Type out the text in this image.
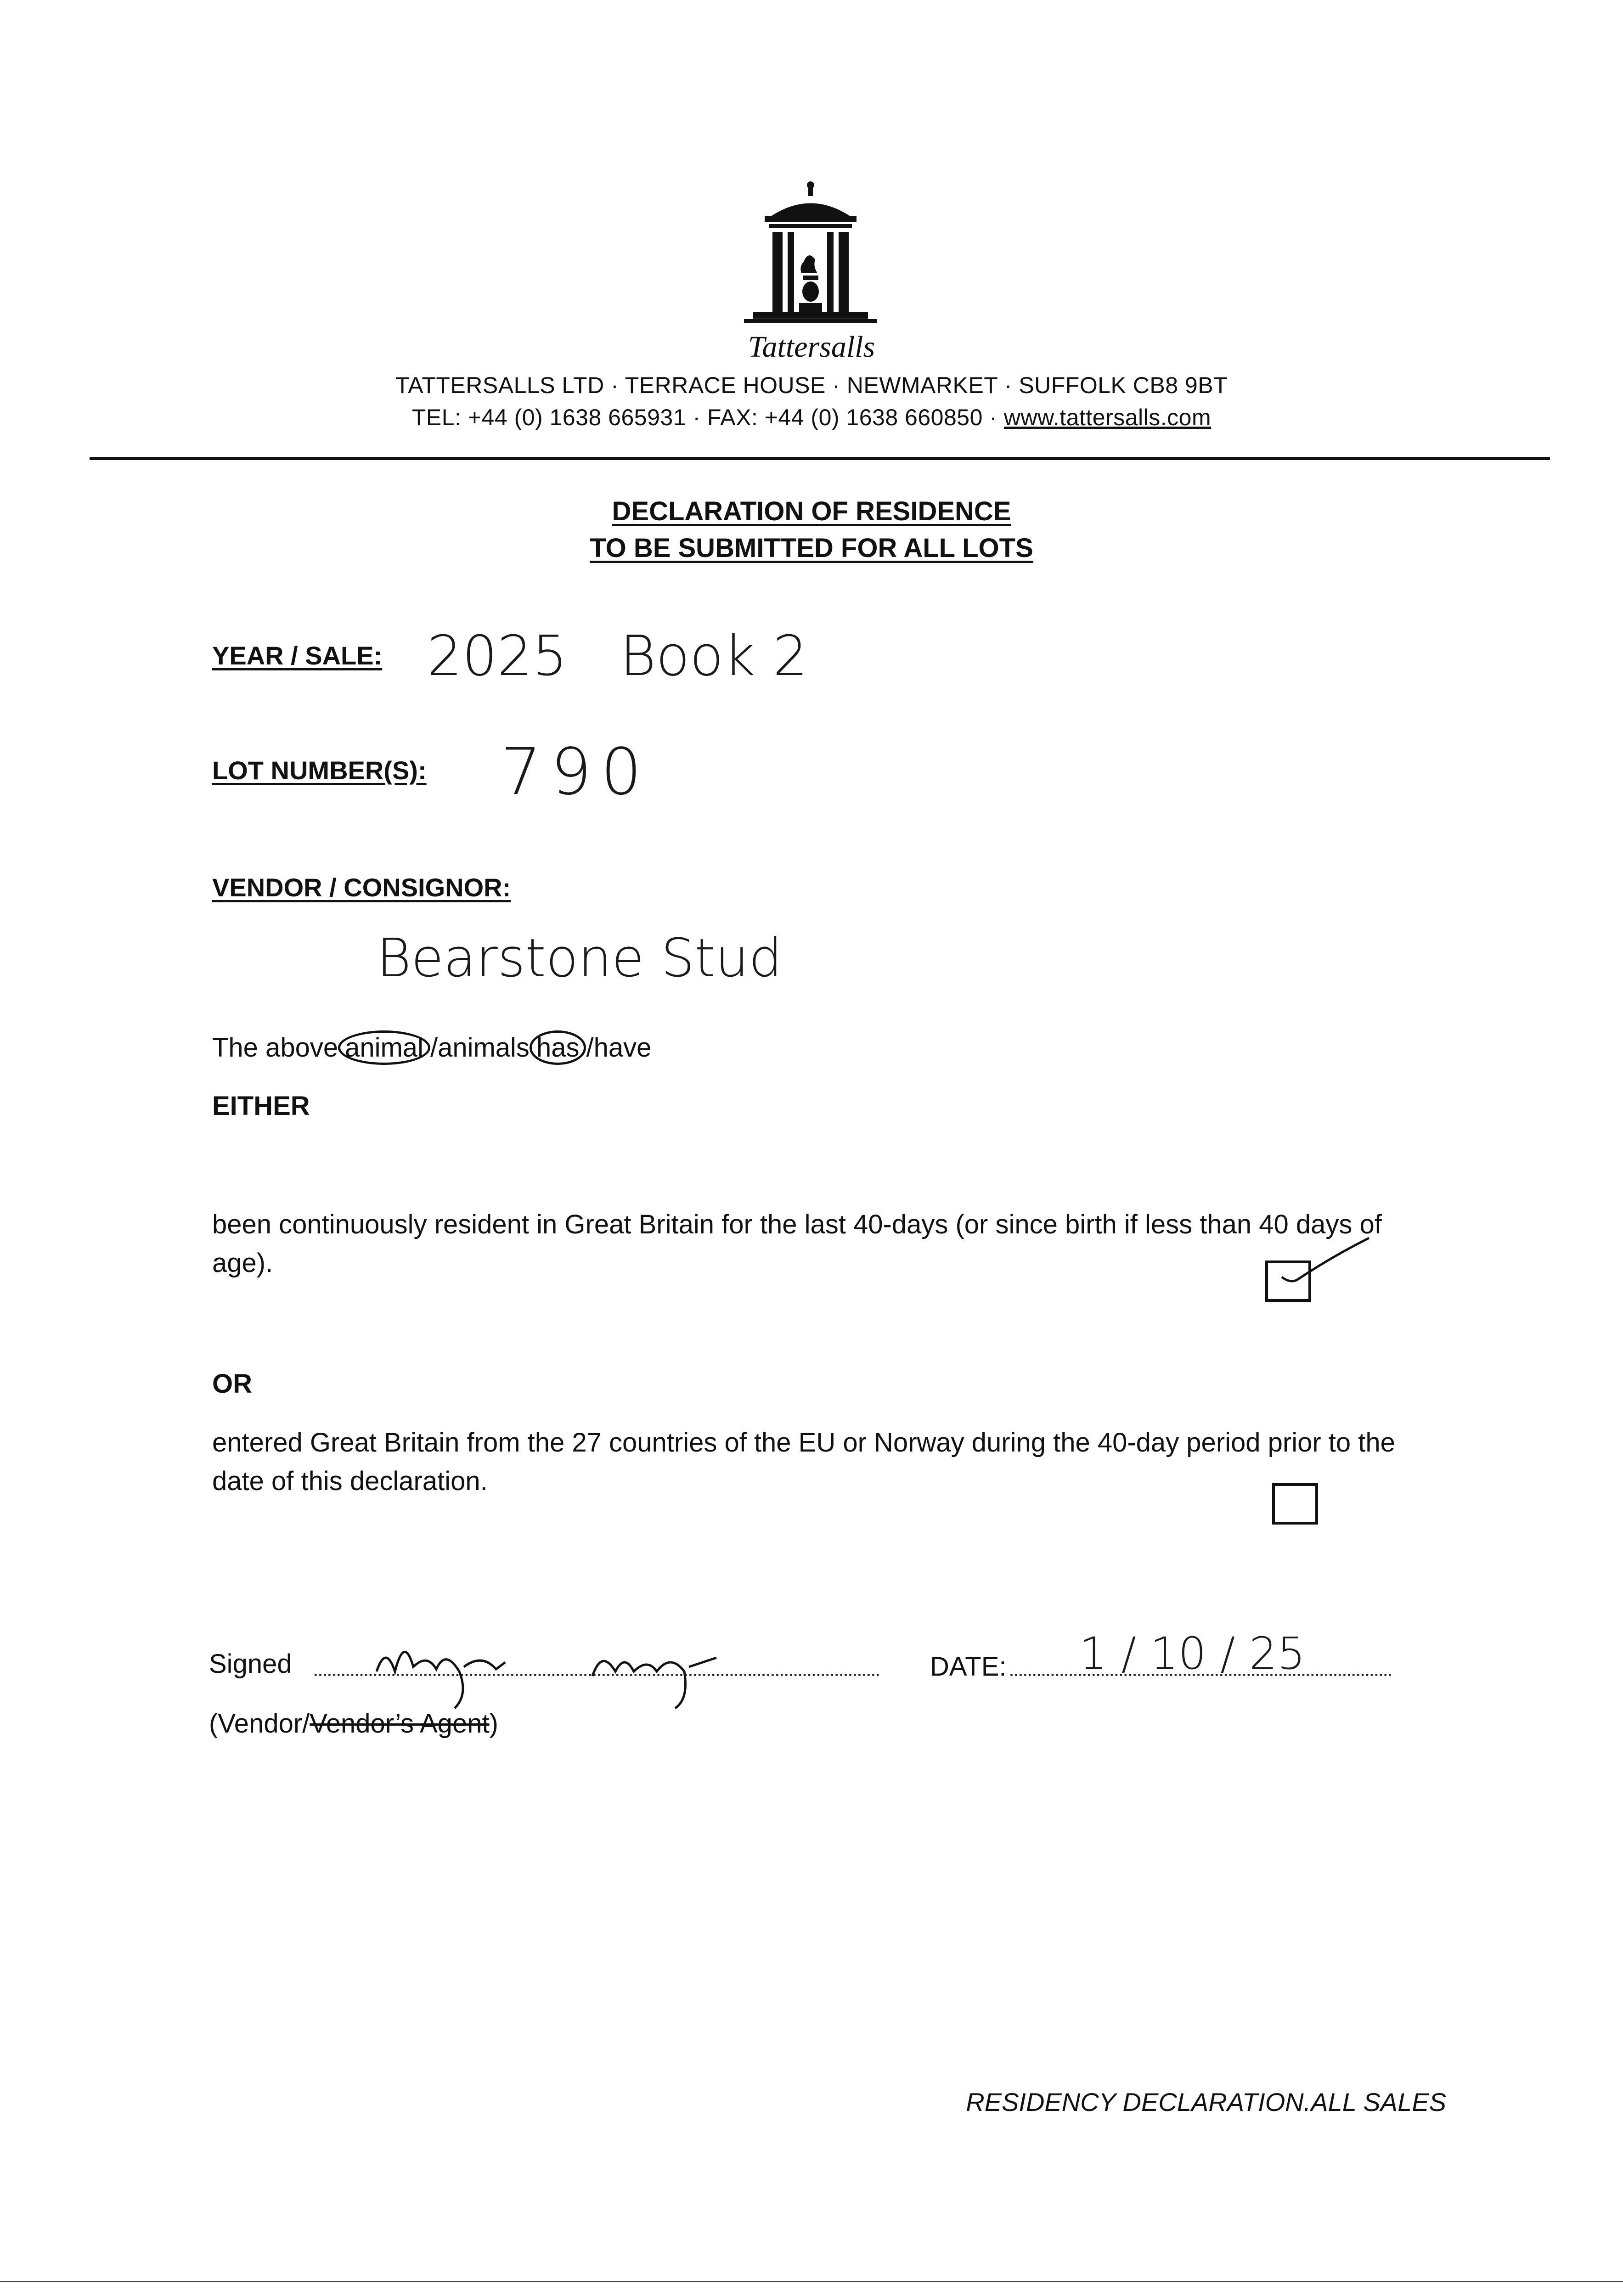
Tattersalls
TATTERSALLS LTD · TERRACE HOUSE · NEWMARKET · SUFFOLK CB8 9BT
TEL: +44 (0) 1638 665931 · FAX: +44 (0) 1638 660850 · www.tattersalls.com
DECLARATION OF RESIDENCE
TO BE SUBMITTED FOR ALL LOTS
YEAR / SALE: 2025   Book 2
LOT NUMBER(S): 790
VENDOR / CONSIGNOR:
Bearstone Stud
The above animal /animals has /have
EITHER
been continuously resident in Great Britain for the last 40-days (or since birth if less than 40 days of age).
OR
entered Great Britain from the 27 countries of the EU or Norway during the 40-day period prior to the date of this declaration.
Signed
(Vendor/Vendor’s Agent)
DATE: 1 / 10 / 25
RESIDENCY DECLARATION.ALL SALES
